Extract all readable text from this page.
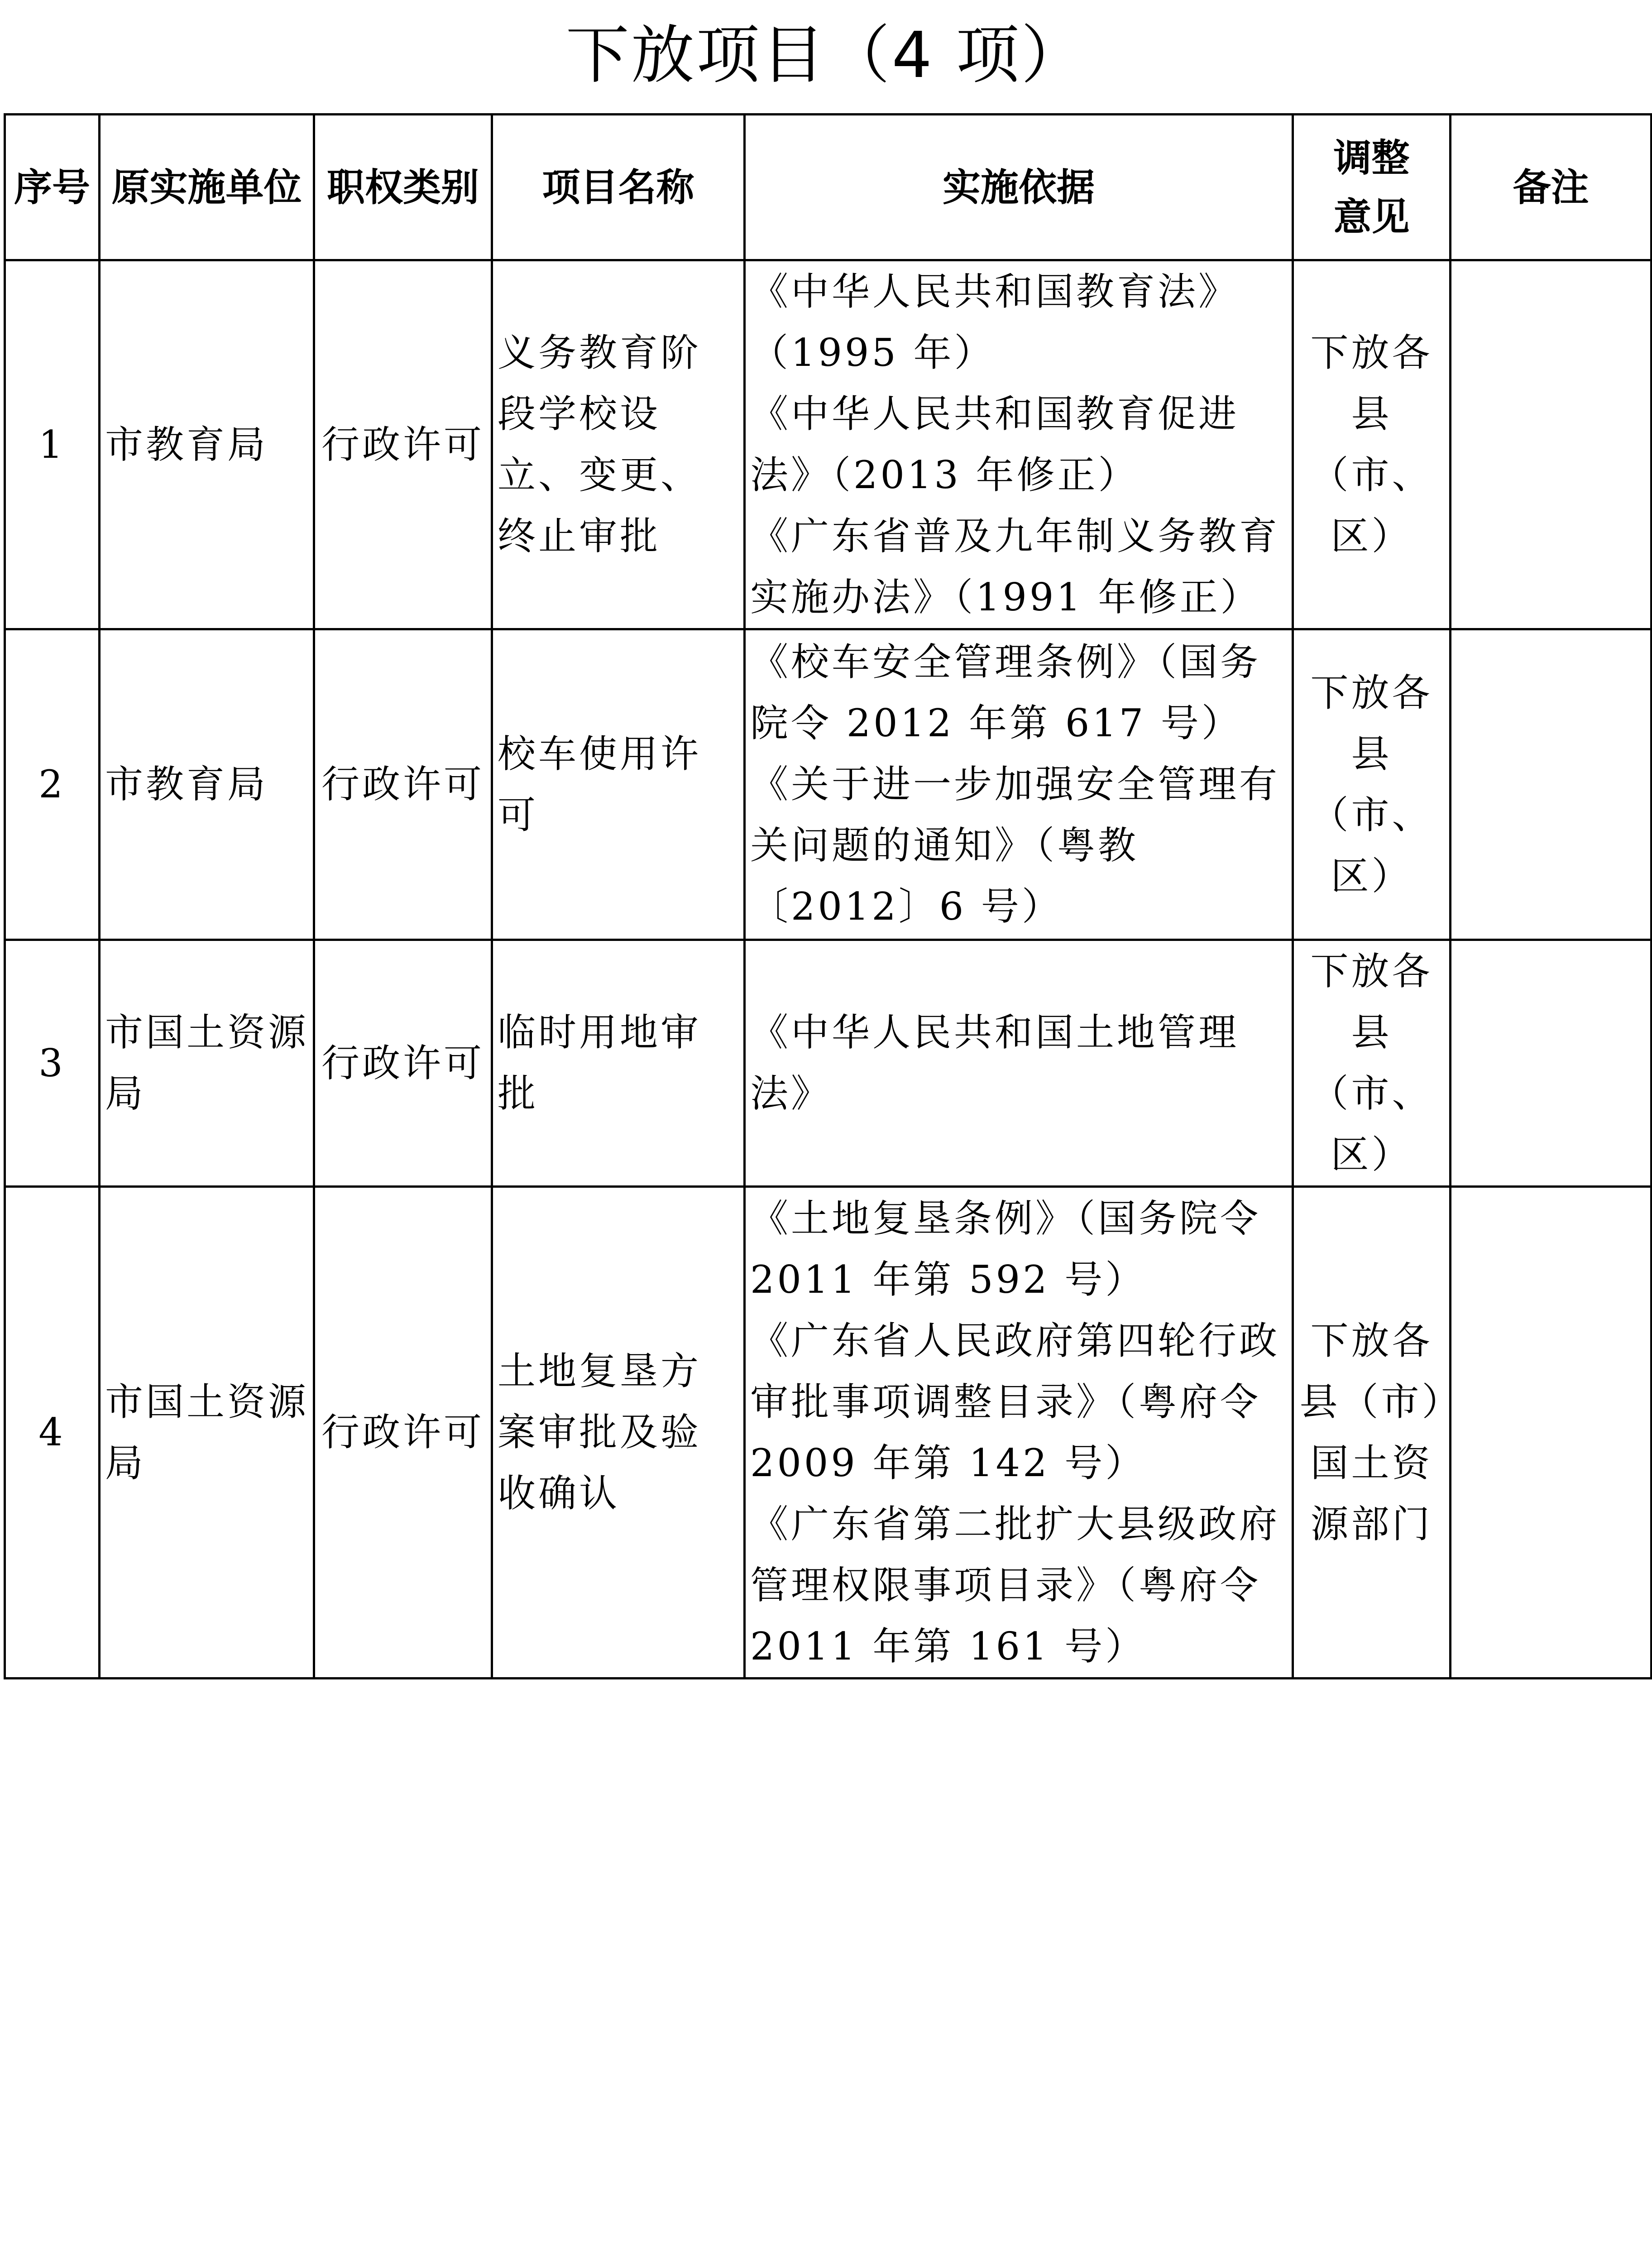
下放项目（4 项）
序号	原实施单位	职权类别	项目名称	实施依据	调整意见	备注
1	市教育局	行政许可	义务教育阶段学校设立、变更、终止审批	《中华人民共和国教育法》（1995 年）
《中华人民共和国教育促进法》（2013 年修正）
《广东省普及九年制义务教育实施办法》（1991 年修正）	下放各县（市、区）	
2	市教育局	行政许可	校车使用许可	《校车安全管理条例》（国务院令 2012 年第 617 号）
《关于进一步加强安全管理有关问题的通知》（粤教〔2012〕6 号）	下放各县（市、区）	
3	市国土资源局	行政许可	临时用地审批	《中华人民共和国土地管理法》	下放各县（市、区）	
4	市国土资源局	行政许可	土地复垦方案审批及验收确认	《土地复垦条例》（国务院令 2011 年第 592 号）
《广东省人民政府第四轮行政审批事项调整目录》（粤府令 2009 年第 142 号）
《广东省第二批扩大县级政府管理权限事项目录》（粤府令 2011 年第 161 号）	下放各县（市）国土资源部门	
